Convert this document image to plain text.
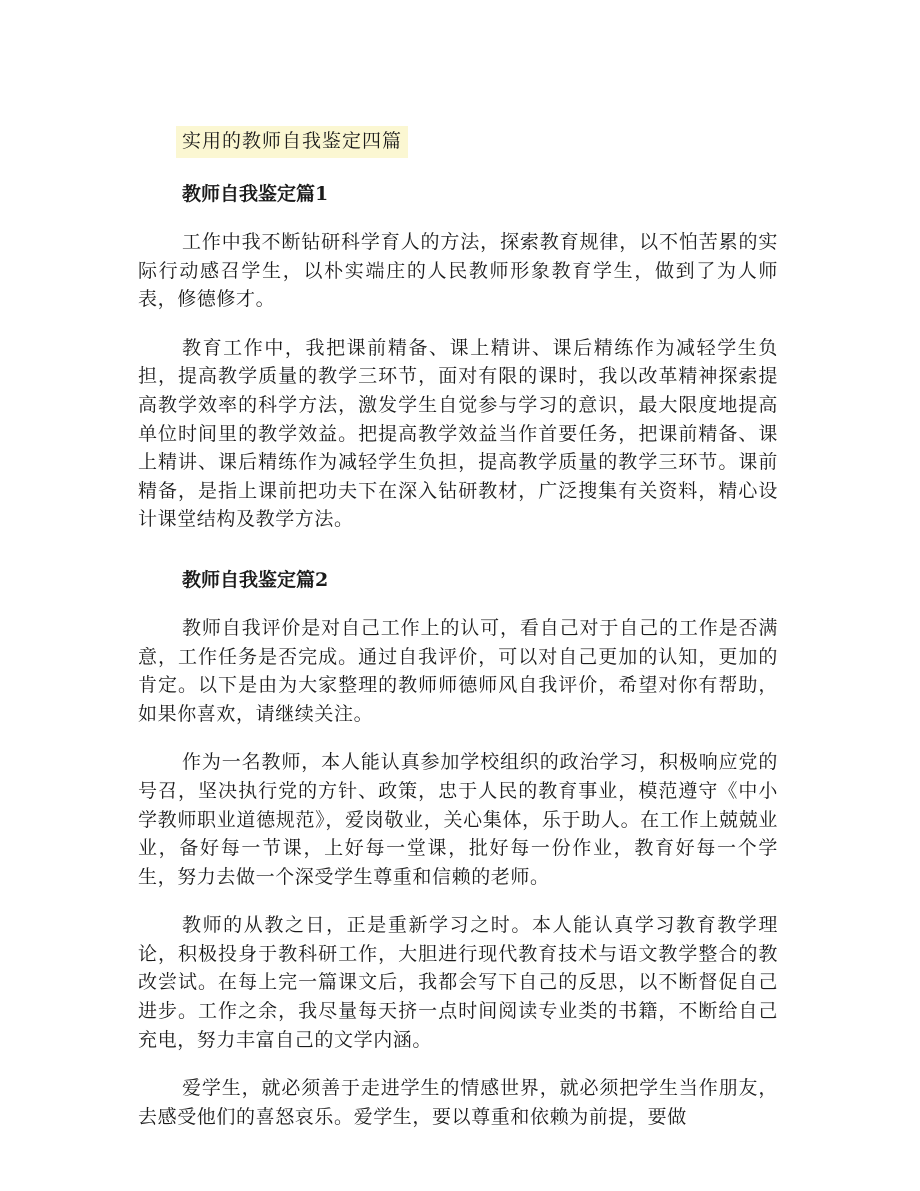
实用的教师自我鉴定四篇
教师自我鉴定篇1

工作中我不断钻研科学育人的方法，探索教育规律，以不怕苦累的实际行动感召学生，以朴实端庄的人民教师形象教育学生，做到了为人师表，修德修才。

教育工作中，我把课前精备、课上精讲、课后精练作为减轻学生负担，提高教学质量的教学三环节，面对有限的课时，我以改革精神探索提高教学效率的科学方法，激发学生自觉参与学习的意识，最大限度地提高单位时间里的教学效益。把提高教学效益当作首要任务，把课前精备、课上精讲、课后精练作为减轻学生负担，提高教学质量的教学三环节。课前精备，是指上课前把功夫下在深入钻研教材，广泛搜集有关资料，精心设计课堂结构及教学方法。

教师自我鉴定篇2

教师自我评价是对自己工作上的认可，看自己对于自己的工作是否满意，工作任务是否完成。通过自我评价，可以对自己更加的认知，更加的肯定。以下是由为大家整理的教师师德师风自我评价，希望对你有帮助，如果你喜欢，请继续关注。

作为一名教师，本人能认真参加学校组织的政治学习，积极响应党的号召，坚决执行党的方针、政策，忠于人民的教育事业，模范遵守《中小学教师职业道德规范》，爱岗敬业，关心集体，乐于助人。在工作上兢兢业业，备好每一节课，上好每一堂课，批好每一份作业，教育好每一个学生，努力去做一个深受学生尊重和信赖的老师。

教师的从教之日，正是重新学习之时。本人能认真学习教育教学理论，积极投身于教科研工作，大胆进行现代教育技术与语文教学整合的教改尝试。在每上完一篇课文后，我都会写下自己的反思，以不断督促自己进步。工作之余，我尽量每天挤一点时间阅读专业类的书籍，不断给自己充电，努力丰富自己的文学内涵。

爱学生，就必须善于走进学生的情感世界，就必须把学生当作朋友，去感受他们的喜怒哀乐。爱学生，要以尊重和依赖为前提，要做
